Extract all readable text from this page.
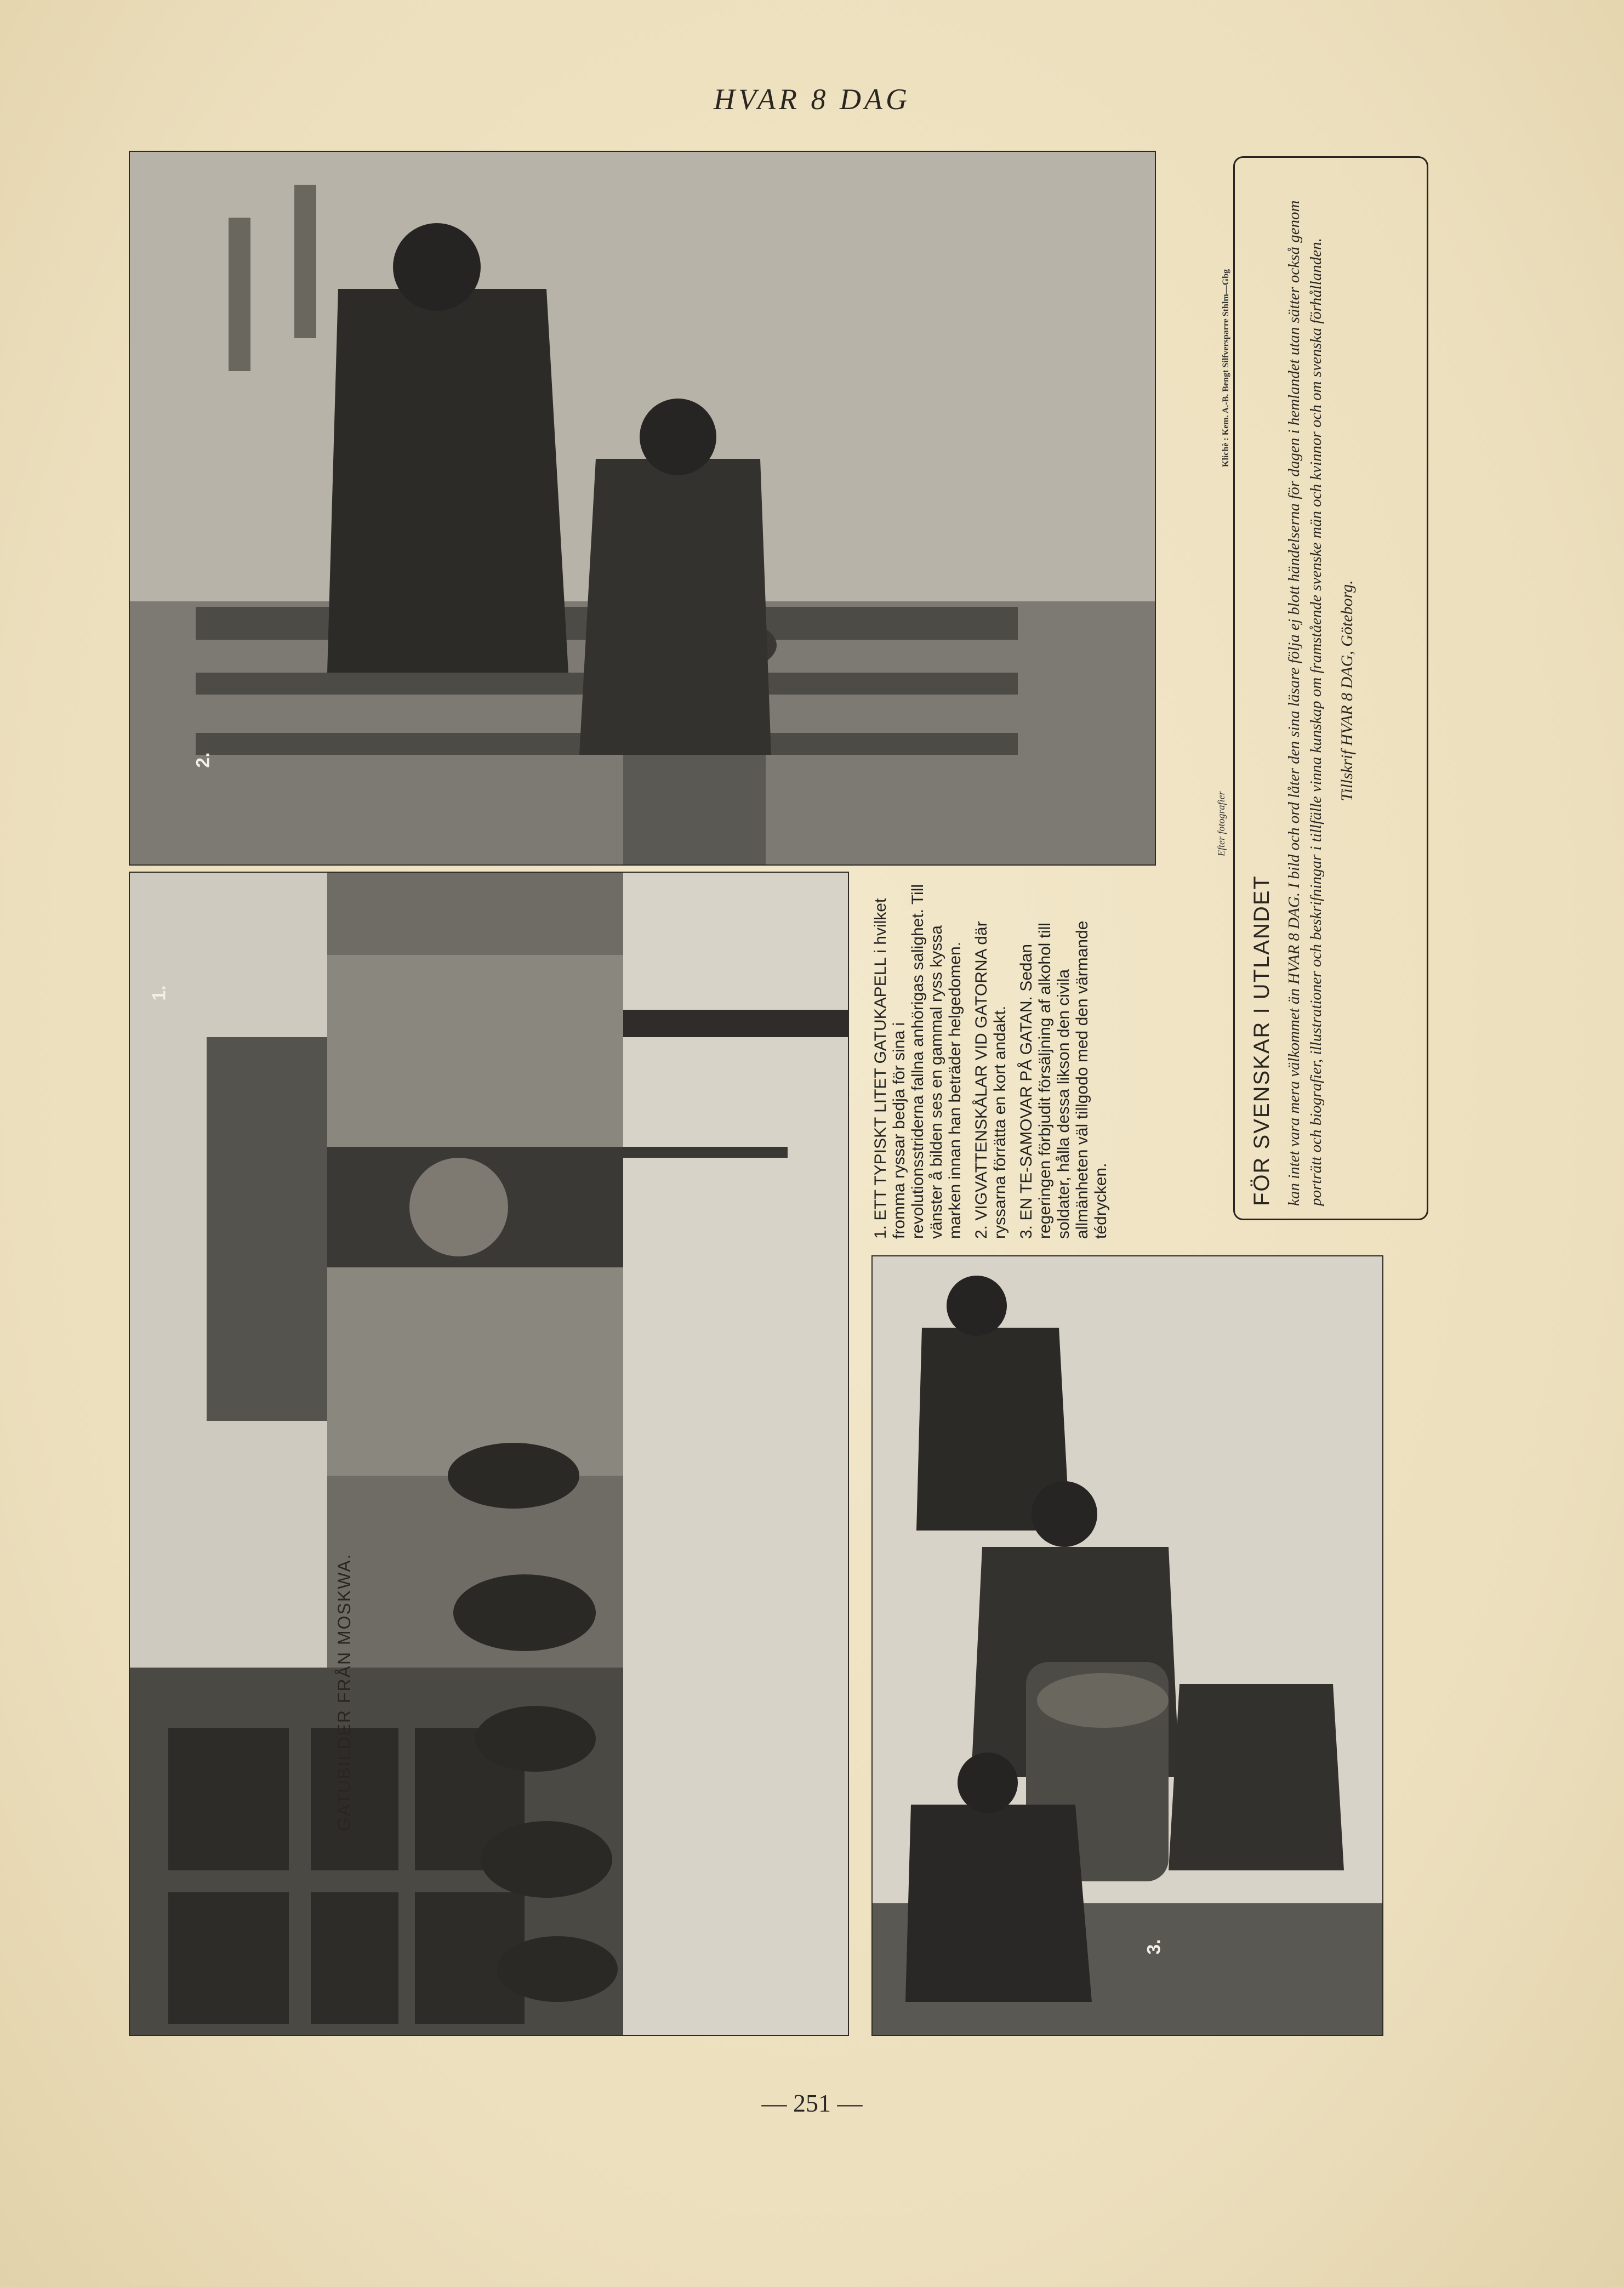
HVAR 8 DAG
1.
2.
3.
GATUBILDER FRÅN MOSKWA.

1. ETT TYPISKT LITET GATUKAPELL i hvilket fromma ryssar bedja för sina i revolutionsstriderna fallna anhörigas salighet. Till vänster å bilden ses en gammal ryss kyssa marken innan han beträder helgedomen. 2. VIGVATTENSKÅLAR VID GATORNA där ryssarna förrätta en kort andakt. 3. EN TE-SAMOVAR PÅ GATAN. Sedan regeringen förbjudit försäljning af alkohol till soldater, hålla dessa likson den civila allmänheten väl tillgodo med den värmande tédrycken.

Efter fotografier
Klichè : Kem. A.-B. Bengt Silfversparre Sthlm—Gbg
FÖR SVENSKAR I UTLANDET kan intet vara mera välkommet än HVAR 8 DAG. I bild och ord låter den sina läsare följa ej blott händelserna för dagen i hemlandet utan sätter också genom porträtt och biografier, illustrationer och beskrifningar i tillfälle vinna kunskap om framstående svenske män och kvinnor och om svenska förhållanden. Tillskrif HVAR 8 DAG, Göteborg.
— 251 —
